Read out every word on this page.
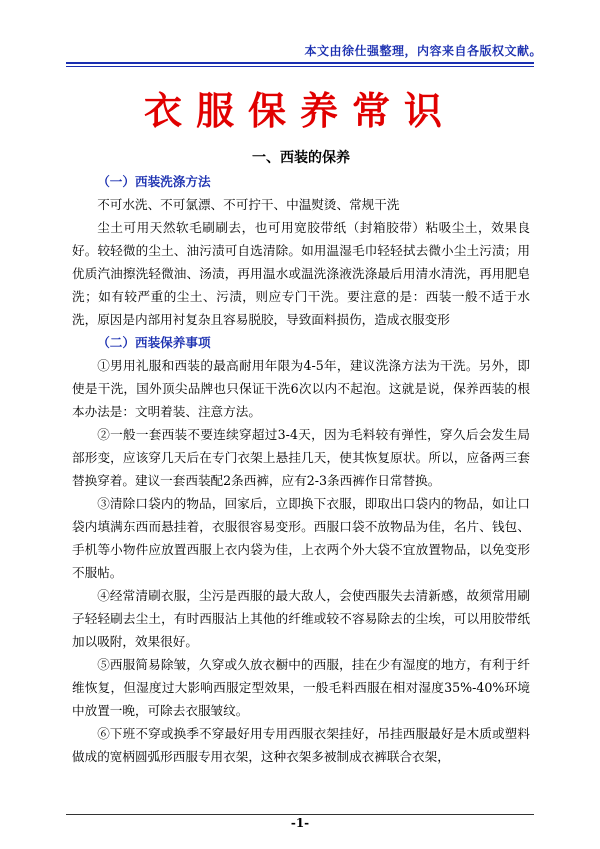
本文由徐仕强整理，内容来自各版权文献。
衣服保养常识

一、西装的保养

（一）西装洗涤方法

不可水洗、不可氯漂、不可拧干、中温熨烫、常规干洗

尘土可用天然软毛刷刷去，也可用宽胶带纸（封箱胶带）粘吸尘土，效果良好。较轻微的尘土、油污渍可自选清除。如用温湿毛巾轻轻拭去微小尘土污渍；用优质汽油擦洗轻微油、汤渍，再用温水或温洗涤液洗涤最后用清水清洗，再用肥皂洗；如有较严重的尘土、污渍，则应专门干洗。要注意的是：西装一般不适于水洗，原因是内部用衬复杂且容易脱胶，导致面料损伤，造成衣服变形

（二）西装保养事项

①男用礼服和西装的最高耐用年限为4-5年，建议洗涤方法为干洗。另外，即使是干洗，国外顶尖品牌也只保证干洗6次以内不起泡。这就是说，保养西装的根本办法是：文明着装、注意方法。

②一般一套西装不要连续穿超过3-4天，因为毛料较有弹性，穿久后会发生局部形变，应该穿几天后在专门衣架上悬挂几天，使其恢复原状。所以，应备两三套替换穿着。建议一套西装配2条西裤，应有2-3条西裤作日常替换。

③清除口袋内的物品，回家后，立即换下衣服，即取出口袋内的物品，如让口袋内填满东西而悬挂着，衣服很容易变形。西服口袋不放物品为佳，名片、钱包、手机等小物件应放置西服上衣内袋为佳，上衣两个外大袋不宜放置物品，以免变形不服帖。

④经常清刷衣服，尘污是西服的最大敌人，会使西服失去清新感，故须常用刷子轻轻刷去尘土，有时西服沾上其他的纤维或较不容易除去的尘埃，可以用胶带纸加以吸附，效果很好。

⑤西服简易除皱，久穿或久放衣橱中的西服，挂在少有湿度的地方，有利于纤维恢复，但湿度过大影响西服定型效果，一般毛料西服在相对湿度35%-40%环境中放置一晚，可除去衣服皱纹。

⑥下班不穿或换季不穿最好用专用西服衣架挂好，吊挂西服最好是木质或塑料做成的宽柄圆弧形西服专用衣架，这种衣架多被制成衣裤联合衣架，

-1-
